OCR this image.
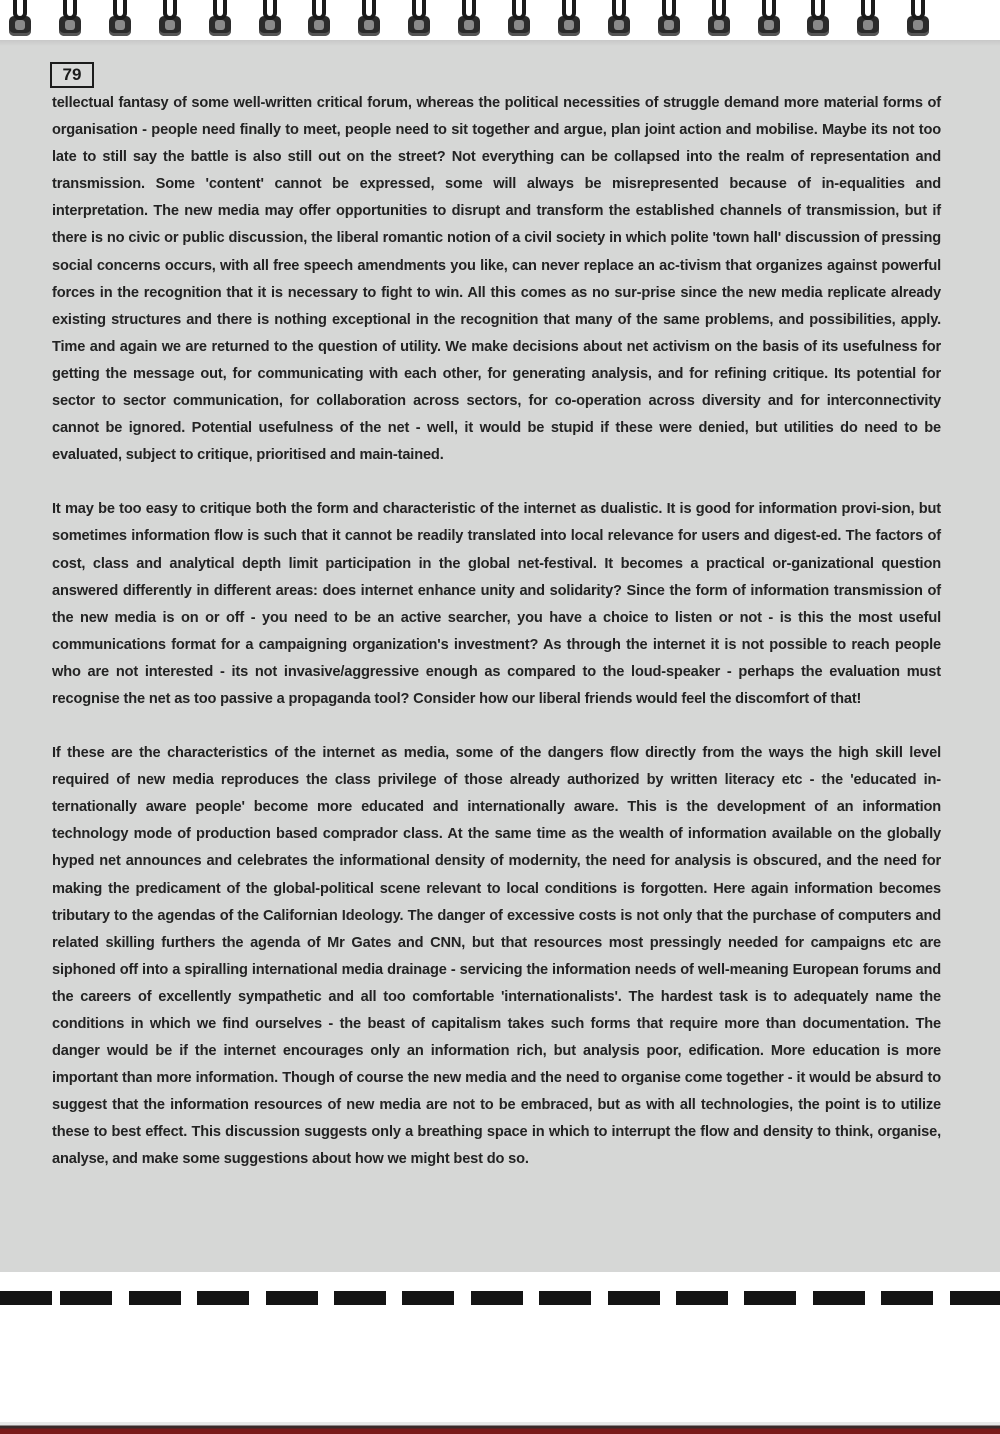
79

tellectual fantasy of some well-written critical forum, whereas the political necessities of struggle demand more material forms of organisation - people need finally to meet, people need to sit together and argue, plan joint action and mobilise. Maybe its not too late to still say the battle is also still out on the street? Not everything can be collapsed into the realm of representation and transmission. Some 'content' cannot be expressed, some will always be misrepresented because of in-equalities and interpretation. The new media may offer opportunities to disrupt and transform the established channels of transmission, but if there is no civic or public discussion, the liberal romantic notion of a civil society in which polite 'town hall' discussion of pressing social concerns occurs, with all free speech amendments you like, can never replace an ac-tivism that organizes against powerful forces in the recognition that it is necessary to fight to win. All this comes as no sur-prise since the new media replicate already existing structures and there is nothing exceptional in the recognition that many of the same problems, and possibilities, apply. Time and again we are returned to the question of utility. We make decisions about net activism on the basis of its usefulness for getting the message out, for communicating with each other, for generating analysis, and for refining critique. Its potential for sector to sector communication, for collaboration across sectors, for co-operation across diversity and for interconnectivity cannot be ignored. Potential usefulness of the net - well, it would be stupid if these were denied, but utilities do need to be evaluated, subject to critique, prioritised and main-tained.

It may be too easy to critique both the form and characteristic of the internet as dualistic. It is good for information provi-sion, but sometimes information flow is such that it cannot be readily translated into local relevance for users and digest-ed. The factors of cost, class and analytical depth limit participation in the global net-festival. It becomes a practical or-ganizational question answered differently in different areas: does internet enhance unity and solidarity? Since the form of information transmission of the new media is on or off - you need to be an active searcher, you have a choice to listen or not - is this the most useful communications format for a campaigning organization's investment? As through the internet it is not possible to reach people who are not interested - its not invasive/aggressive enough as compared to the loud-speaker - perhaps the evaluation must recognise the net as too passive a propaganda tool? Consider how our liberal friends would feel the discomfort of that!

If these are the characteristics of the internet as media, some of the dangers flow directly from the ways the high skill level required of new media reproduces the class privilege of those already authorized by written literacy etc - the 'educated in-ternationally aware people' become more educated and internationally aware. This is the development of an information technology mode of production based comprador class. At the same time as the wealth of information available on the globally hyped net announces and celebrates the informational density of modernity, the need for analysis is obscured, and the need for making the predicament of the global-political scene relevant to local conditions is forgotten. Here again information becomes tributary to the agendas of the Californian Ideology. The danger of excessive costs is not only that the purchase of computers and related skilling furthers the agenda of Mr Gates and CNN, but that resources most pressingly needed for campaigns etc are siphoned off into a spiralling international media drainage - servicing the information needs of well-meaning European forums and the careers of excellently sympathetic and all too comfortable 'internationalists'. The hardest task is to adequately name the conditions in which we find ourselves - the beast of capitalism takes such forms that require more than documentation. The danger would be if the internet encourages only an information rich, but analysis poor, edification. More education is more important than more information. Though of course the new media and the need to organise come together - it would be absurd to suggest that the information resources of new media are not to be embraced, but as with all technologies, the point is to utilize these to best effect. This discussion suggests only a breathing space in which to interrupt the flow and density to think, organise, analyse, and make some suggestions about how we might best do so.
